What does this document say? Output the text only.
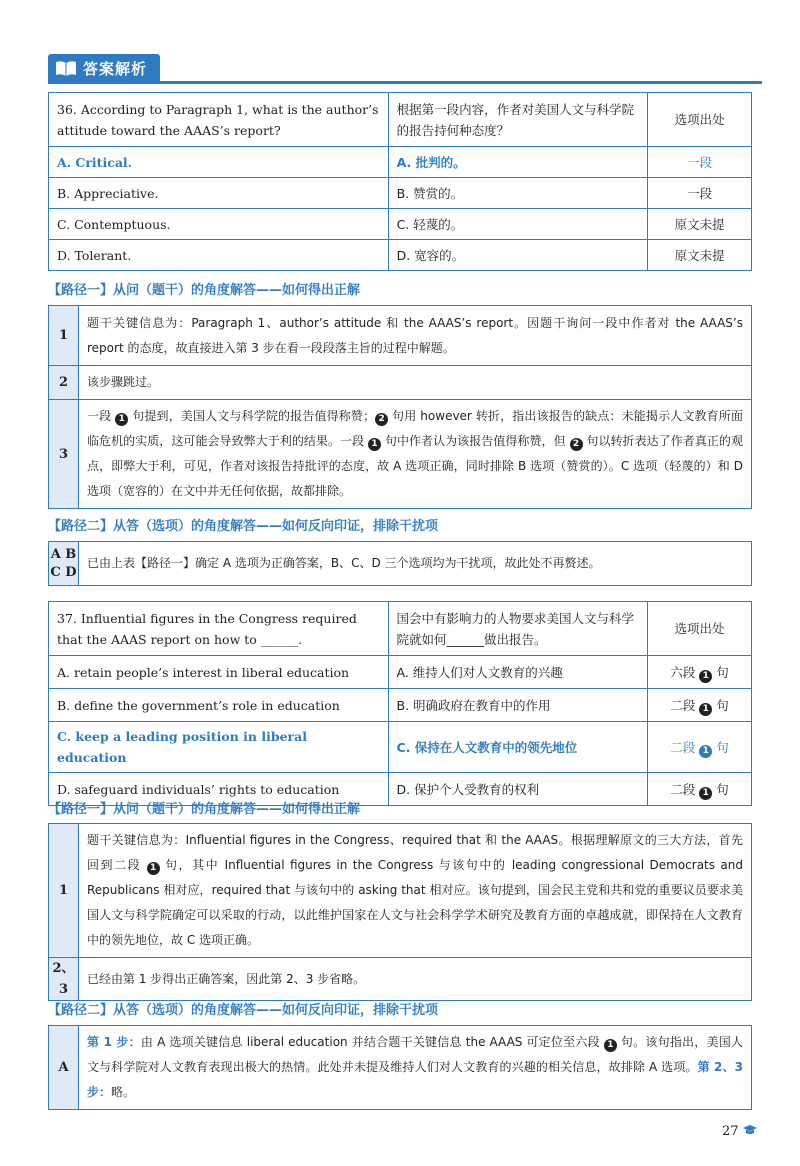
答案解析
36. According to Paragraph 1, what is the author’s attitude toward the AAAS’s report?	根据第一段内容，作者对美国人文与科学院的报告持何种态度？	选项出处
A. Critical.	A. 批判的。	一段
B. Appreciative.	B. 赞赏的。	一段
C. Contemptuous.	C. 轻蔑的。	原文未提
D. Tolerant.	D. 宽容的。	原文未提
【路径一】从问（题干）的角度解答——如何得出正解
1	题干关键信息为：Paragraph 1、author’s attitude 和 the AAAS’s report。因题干询问一段中作者对 the AAAS’s report 的态度，故直接进入第 3 步在看一段段落主旨的过程中解题。
2	该步骤跳过。
3	一段 1 句提到，美国人文与科学院的报告值得称赞； 2 句用 however 转折，指出该报告的缺点：未能揭示人文教育所面临危机的实质，这可能会导致弊大于利的结果。一段 1 句中作者认为该报告值得称赞，但 2 句以转折表达了作者真正的观点，即弊大于利，可见，作者对该报告持批评的态度，故 A 选项正确，同时排除 B 选项（赞赏的）。C 选项（轻蔑的）和 D 选项（宽容的）在文中并无任何依据，故都排除。
【路径二】从答（选项）的角度解答——如何反向印证，排除干扰项
A B
C D	已由上表【路径一】确定 A 选项为正确答案，B、C、D 三个选项均为干扰项，故此处不再赘述。
37. Influential figures in the Congress required that the AAAS report on how to ______.	国会中有影响力的人物要求美国人文与科学院就如何______做出报告。	选项出处
A. retain people’s interest in liberal education	A. 维持人们对人文教育的兴趣	六段 1 句
B. define the government’s role in education	B. 明确政府在教育中的作用	二段 1 句
C. keep a leading position in liberal education	C. 保持在人文教育中的领先地位	二段 1 句
D. safeguard individuals’ rights to education	D. 保护个人受教育的权利	二段 1 句
【路径一】从问（题干）的角度解答——如何得出正解
1	题干关键信息为：Influential figures in the Congress、required that 和 the AAAS。根据理解原文的三大方法，首先回到二段 1 句，其中 Influential figures in the Congress 与该句中的 leading congressional Democrats and Republicans 相对应，required that 与该句中的 asking that 相对应。该句提到，国会民主党和共和党的重要议员要求美国人文与科学院确定可以采取的行动，以此维护国家在人文与社会科学学术研究及教育方面的卓越成就，即保持在人文教育中的领先地位，故 C 选项正确。
2、3	已经由第 1 步得出正确答案，因此第 2、3 步省略。
【路径二】从答（选项）的角度解答——如何反向印证，排除干扰项
A	第 1 步：由 A 选项关键信息 liberal education 并结合题干关键信息 the AAAS 可定位至六段 1 句。该句指出，美国人文与科学院对人文教育表现出极大的热情。此处并未提及维持人们对人文教育的兴趣的相关信息，故排除 A 选项。第 2、3 步：略。
27
